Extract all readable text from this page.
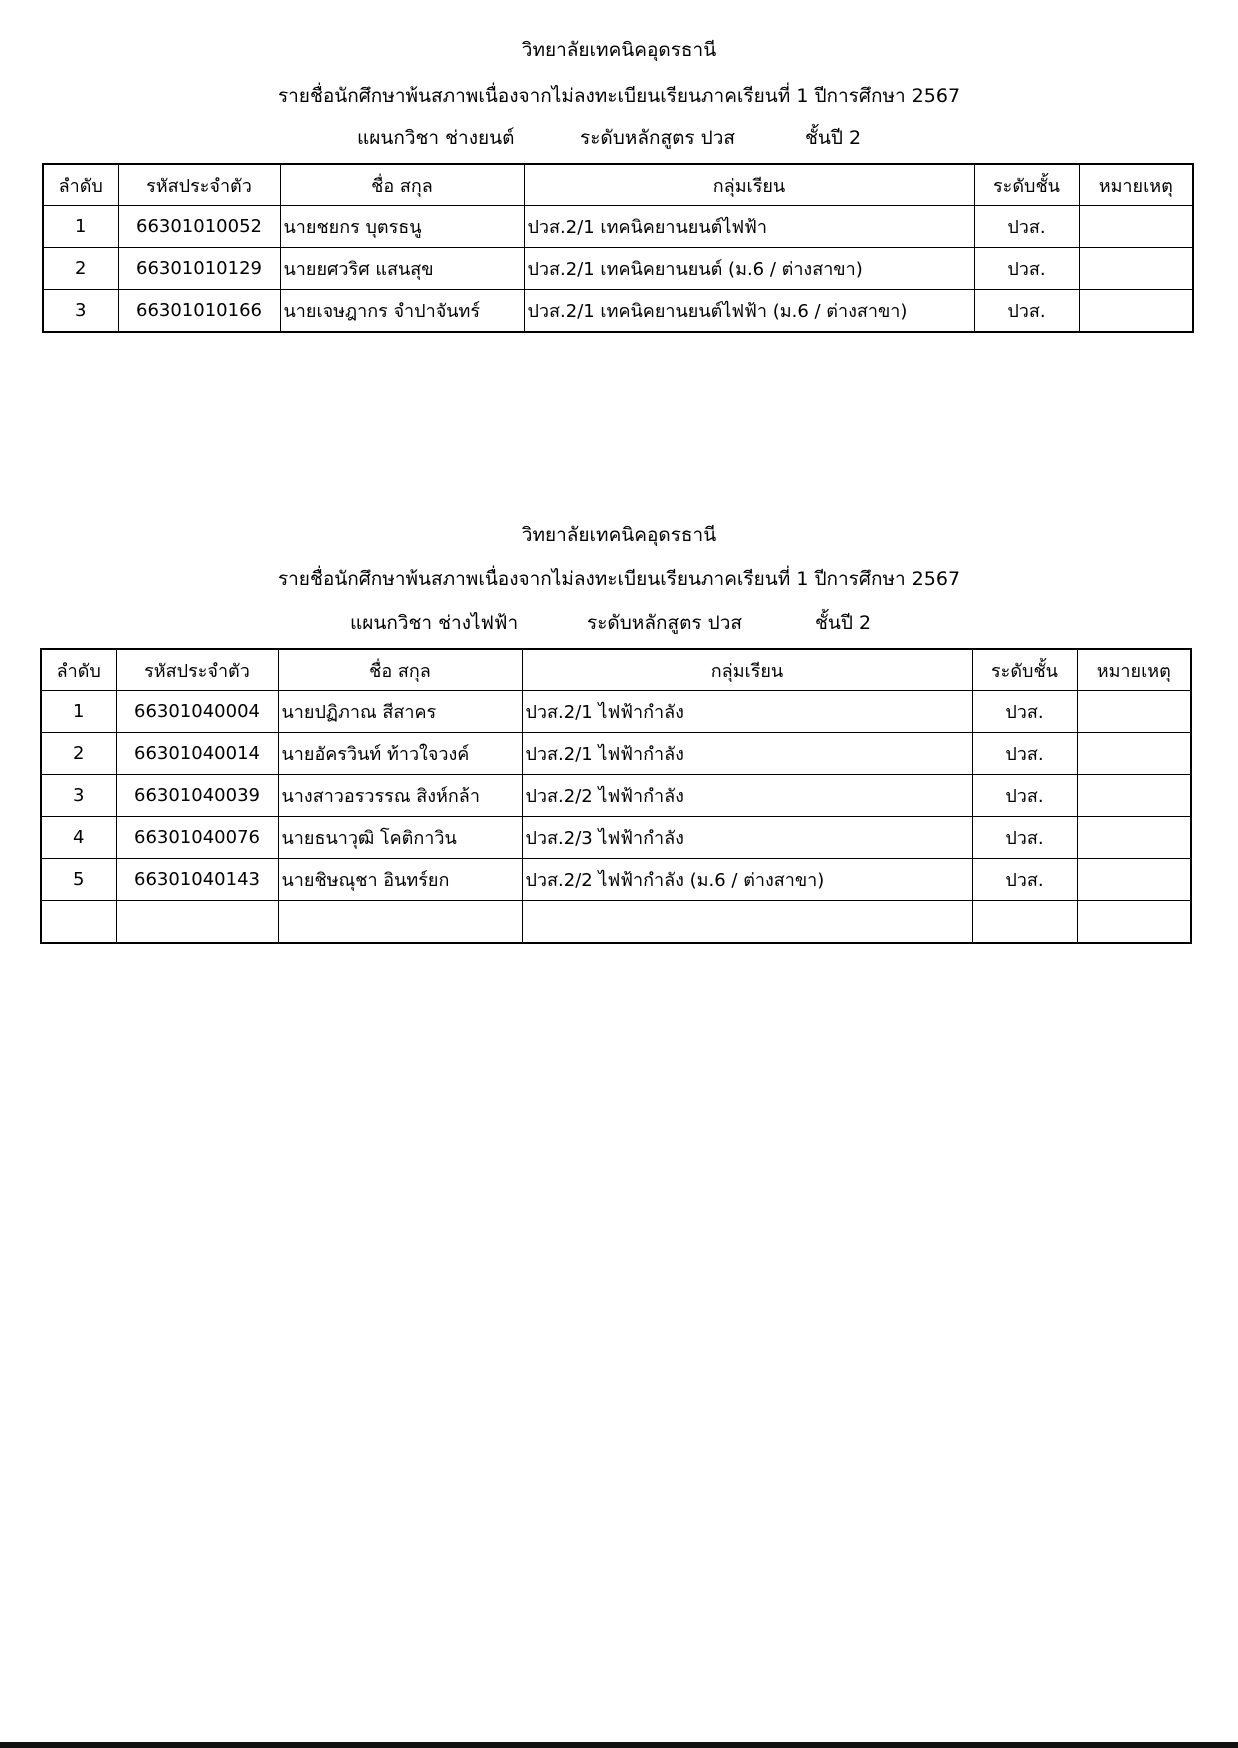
วิทยาลัยเทคนิคอุดรธานี
รายชื่อนักศึกษาพ้นสภาพเนื่องจากไม่ลงทะเบียนเรียนภาคเรียนที่ 1 ปีการศึกษา 2567
แผนกวิชา ช่างยนต์	ระดับหลักสูตร ปวส	ชั้นปี 2
ลำดับ	รหัสประจำตัว	ชื่อ สกุล	กลุ่มเรียน	ระดับชั้น	หมายเหตุ
1	66301010052	นายชยกร บุตรธนู	ปวส.2/1 เทคนิคยานยนต์ไฟฟ้า	ปวส.	
2	66301010129	นายยศวริศ แสนสุข	ปวส.2/1 เทคนิคยานยนต์ (ม.6 / ต่างสาขา)	ปวส.	
3	66301010166	นายเจษฎากร จำปาจันทร์	ปวส.2/1 เทคนิคยานยนต์ไฟฟ้า (ม.6 / ต่างสาขา)	ปวส.	
วิทยาลัยเทคนิคอุดรธานี
รายชื่อนักศึกษาพ้นสภาพเนื่องจากไม่ลงทะเบียนเรียนภาคเรียนที่ 1 ปีการศึกษา 2567
แผนกวิชา ช่างไฟฟ้า	ระดับหลักสูตร ปวส	ชั้นปี 2
ลำดับ	รหัสประจำตัว	ชื่อ สกุล	กลุ่มเรียน	ระดับชั้น	หมายเหตุ
1	66301040004	นายปฏิภาณ สีสาคร	ปวส.2/1 ไฟฟ้ากำลัง	ปวส.	
2	66301040014	นายอัครวินท์ ท้าวใจวงค์	ปวส.2/1 ไฟฟ้ากำลัง	ปวส.	
3	66301040039	นางสาวอรวรรณ สิงห์กล้า	ปวส.2/2 ไฟฟ้ากำลัง	ปวส.	
4	66301040076	นายธนาวุฒิ โคติกาวิน	ปวส.2/3 ไฟฟ้ากำลัง	ปวส.	
5	66301040143	นายชิษณุชา อินทร์ยก	ปวส.2/2 ไฟฟ้ากำลัง (ม.6 / ต่างสาขา)	ปวส.	
